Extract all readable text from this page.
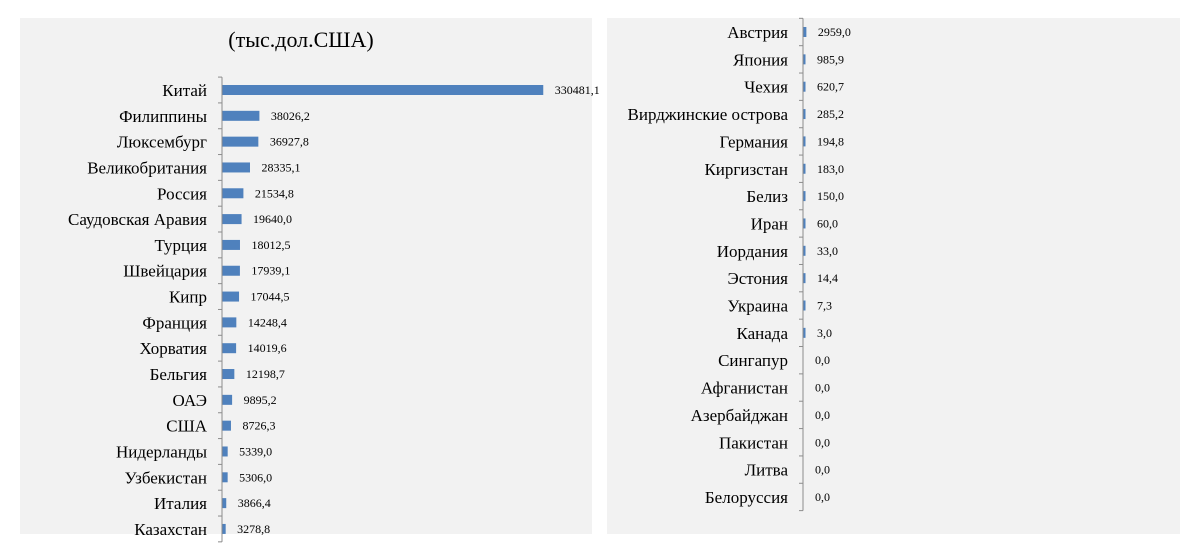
(тыс.дол.США)
Китай	330481,1
Филиппины	38026,2
Люксембург	36927,8
Великобритания	28335,1
Россия	21534,8
Саудовская Аравия	19640,0
Турция	18012,5
Швейцария	17939,1
Кипр	17044,5
Франция	14248,4
Хорватия	14019,6
Бельгия	12198,7
ОАЭ	9895,2
США	8726,3
Нидерланды	5339,0
Узбекистан	5306,0
Италия	3866,4
Казахстан	3278,8
Австрия 2959,0
Япония 985,9
Чехия 620,7
Вирджинские острова 285,2
Германия 194,8
Киргизстан 183,0
Белиз 150,0
Иран 60,0
Иордания 33,0
Эстония 14,4
Украина 7,3
Канада 3,0
Сингапур 0,0
Афганистан 0,0
Азербайджан 0,0
Пакистан 0,0
Литва 0,0
Белоруссия 0,0
